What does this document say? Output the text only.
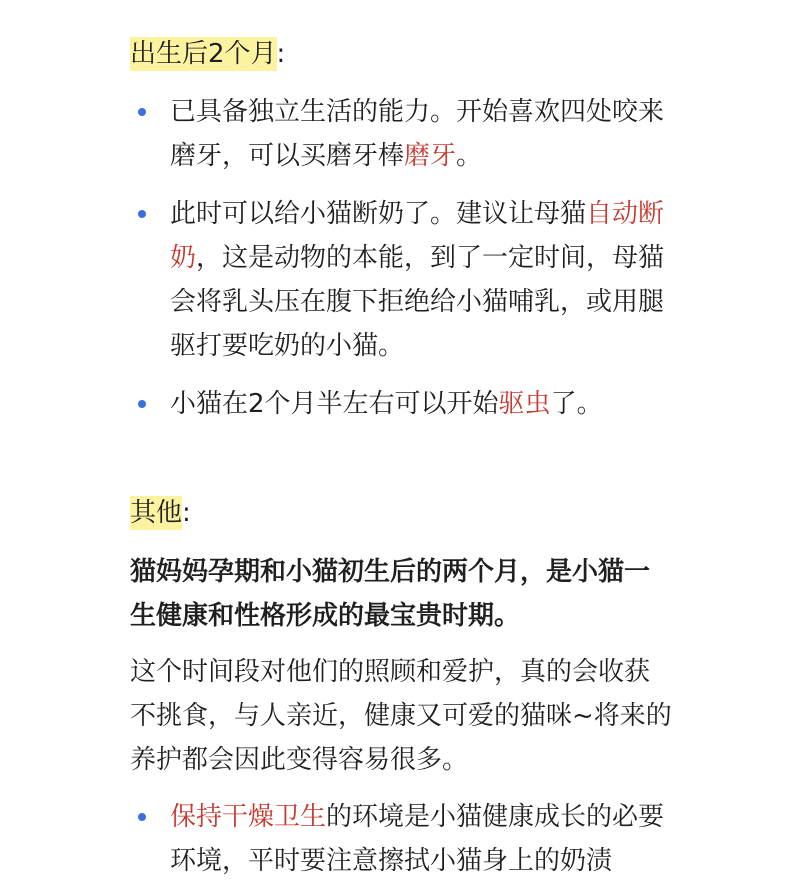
出生后2个月:
已具备独立生活的能力。开始喜欢四处咬来磨牙，可以买磨牙棒磨牙。
此时可以给小猫断奶了。建议让母猫自动断奶，这是动物的本能，到了一定时间，母猫会将乳头压在腹下拒绝给小猫哺乳，或用腿驱打要吃奶的小猫。
小猫在2个月半左右可以开始驱虫了。
其他:

猫妈妈孕期和小猫初生后的两个月，是小猫一生健康和性格形成的最宝贵时期。

这个时间段对他们的照顾和爱护，真的会收获不挑食，与人亲近，健康又可爱的猫咪~将来的养护都会因此变得容易很多。

保持干燥卫生的环境是小猫健康成长的必要环境，平时要注意擦拭小猫身上的奶渍
